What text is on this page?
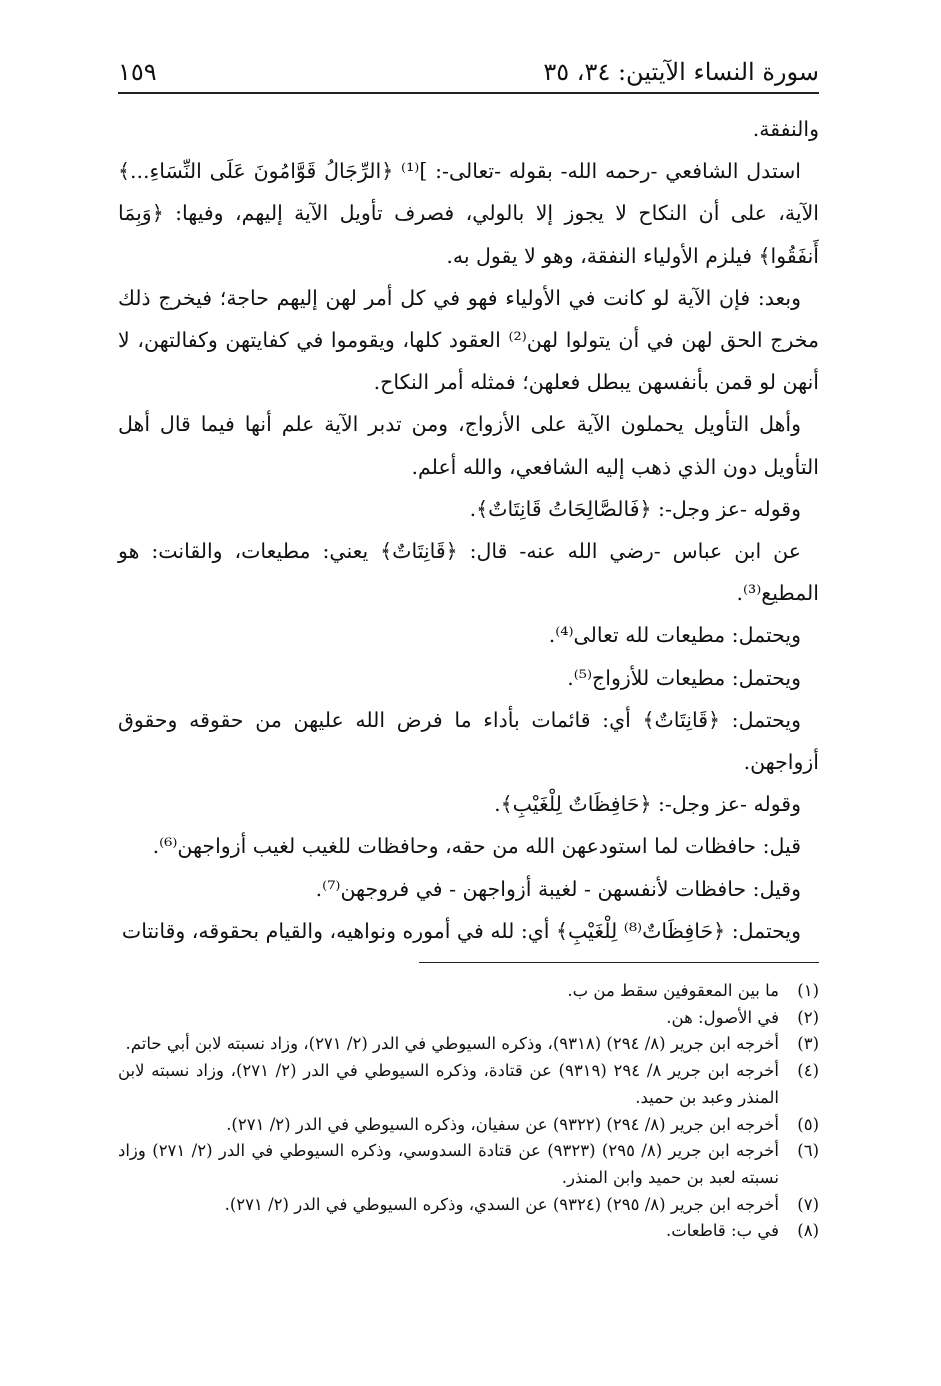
سورة النساء الآيتين: ٣٤، ٣٥
١٥٩

والنفقة.

استدل الشافعي -رحمه الله- بقوله -تعالى-: ]⁽¹⁾ ﴿الرِّجَالُ قَوَّامُونَ عَلَى النِّسَاءِ...﴾ الآية، على أن النكاح لا يجوز إلا بالولي، فصرف تأويل الآية إليهم، وفيها: ﴿وَبِمَا أَنفَقُوا﴾ فيلزم الأولياء النفقة، وهو لا يقول به.

وبعد: فإن الآية لو كانت في الأولياء فهو في كل أمر لهن إليهم حاجة؛ فيخرج ذلك مخرج الحق لهن في أن يتولوا لهن⁽²⁾ العقود كلها، ويقوموا في كفايتهن وكفالتهن، لا أنهن لو قمن بأنفسهن يبطل فعلهن؛ فمثله أمر النكاح.

وأهل التأويل يحملون الآية على الأزواج، ومن تدبر الآية علم أنها فيما قال أهل التأويل دون الذي ذهب إليه الشافعي، والله أعلم.

وقوله -عز وجل-: ﴿فَالصَّالِحَاتُ قَانِتَاتٌ﴾.

عن ابن عباس -رضي الله عنه- قال: ﴿قَانِتَاتٌ﴾ يعني: مطيعات، والقانت: هو المطيع⁽³⁾.

ويحتمل: مطيعات لله تعالى⁽⁴⁾.

ويحتمل: مطيعات للأزواج⁽⁵⁾.

ويحتمل: ﴿قَانِتَاتٌ﴾ أي: قائمات بأداء ما فرض الله عليهن من حقوقه وحقوق أزواجهن.

وقوله -عز وجل-: ﴿حَافِظَاتٌ لِلْغَيْبِ﴾.

قيل: حافظات لما استودعهن الله من حقه، وحافظات للغيب لغيب أزواجهن⁽⁶⁾.

وقيل: حافظات لأنفسهن - لغيبة أزواجهن - في فروجهن⁽⁷⁾.

ويحتمل: ﴿حَافِظَاتٌ⁽⁸⁾ لِلْغَيْبِ﴾ أي: لله في أموره ونواهيه، والقيام بحقوقه، وقانتات

(١)
ما بين المعقوفين سقط من ب.
(٢)
في الأصول: هن.
(٣)
أخرجه ابن جرير (٨/ ٢٩٤) (٩٣١٨)، وذكره السيوطي في الدر (٢/ ٢٧١)، وزاد نسبته لابن أبي حاتم.
(٤)
أخرجه ابن جرير ٨/ ٢٩٤ (٩٣١٩) عن قتادة، وذكره السيوطي في الدر (٢/ ٢٧١)، وزاد نسبته لابن المنذر وعبد بن حميد.
(٥)
أخرجه ابن جرير (٨/ ٢٩٤) (٩٣٢٢) عن سفيان، وذكره السيوطي في الدر (٢/ ٢٧١).
(٦)
أخرجه ابن جرير (٨/ ٢٩٥) (٩٣٢٣) عن قتادة السدوسي، وذكره السيوطي في الدر (٢/ ٢٧١) وزاد نسبته لعبد بن حميد وابن المنذر.
(٧)
أخرجه ابن جرير (٨/ ٢٩٥) (٩٣٢٤) عن السدي، وذكره السيوطي في الدر (٢/ ٢٧١).
(٨)
في ب: قاطعات.
